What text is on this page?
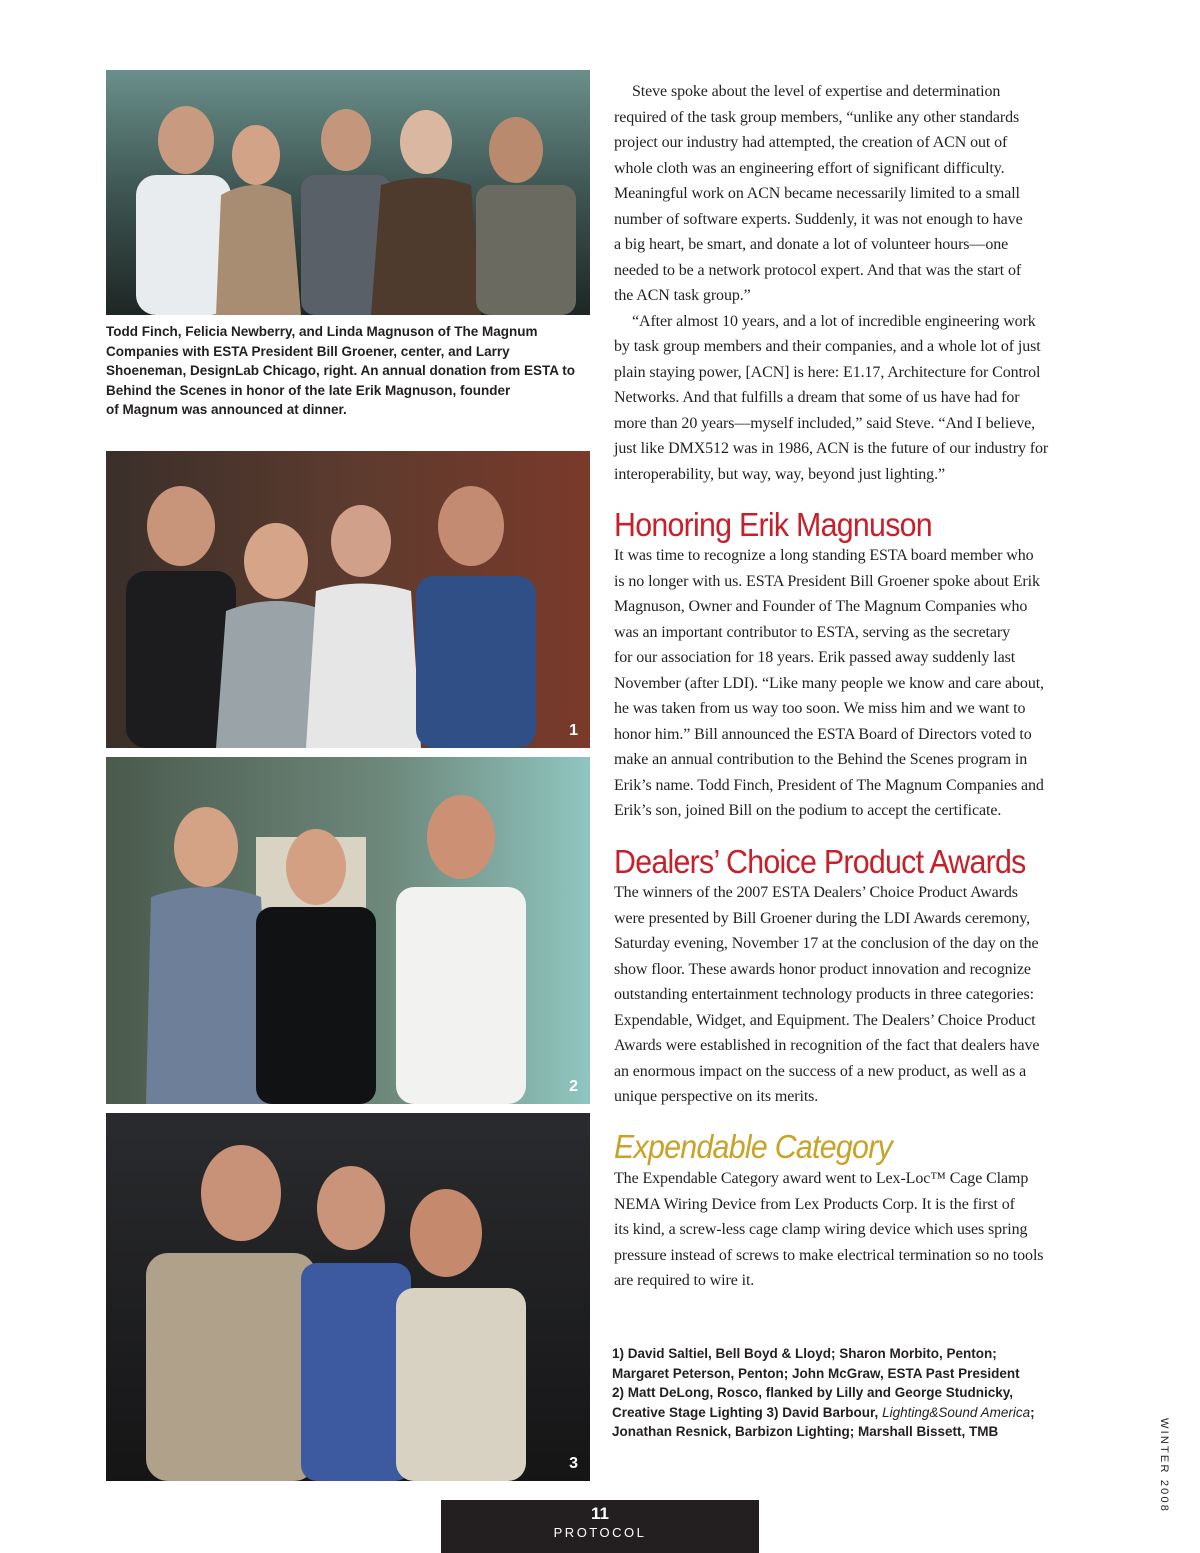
Todd Finch, Felicia Newberry, and Linda Magnuson of The Magnum
Companies with ESTA President Bill Groener, center, and Larry
Shoeneman, DesignLab Chicago, right. An annual donation from ESTA to
Behind the Scenes in honor of the late Erik Magnuson, founder
of Magnum was announced at dinner.
1
2
3

Steve spoke about the level of expertise and determination
required of the task group members, “unlike any other standards
project our industry had attempted, the creation of ACN out of
whole cloth was an engineering effort of significant difficulty.
Meaningful work on ACN became necessarily limited to a small
number of software experts. Suddenly, it was not enough to have
a big heart, be smart, and donate a lot of volunteer hours—one
needed to be a network protocol expert. And that was the start of
the ACN task group.”

“After almost 10 years, and a lot of incredible engineering work
by task group members and their companies, and a whole lot of just
plain staying power, [ACN] is here: E1.17, Architecture for Control
Networks. And that fulfills a dream that some of us have had for
more than 20 years—myself included,” said Steve. “And I believe,
just like DMX512 was in 1986, ACN is the future of our industry for
interoperability, but way, way, beyond just lighting.”

Honoring Erik Magnuson

It was time to recognize a long standing ESTA board member who
is no longer with us. ESTA President Bill Groener spoke about Erik
Magnuson, Owner and Founder of The Magnum Companies who
was an important contributor to ESTA, serving as the secretary
for our association for 18 years. Erik passed away suddenly last
November (after LDI). “Like many people we know and care about,
he was taken from us way too soon. We miss him and we want to
honor him.” Bill announced the ESTA Board of Directors voted to
make an annual contribution to the Behind the Scenes program in
Erik’s name. Todd Finch, President of The Magnum Companies and
Erik’s son, joined Bill on the podium to accept the certificate.

Dealers’ Choice Product Awards

The winners of the 2007 ESTA Dealers’ Choice Product Awards
were presented by Bill Groener during the LDI Awards ceremony,
Saturday evening, November 17 at the conclusion of the day on the
show floor. These awards honor product innovation and recognize
outstanding entertainment technology products in three categories:
Expendable, Widget, and Equipment. The Dealers’ Choice Product
Awards were established in recognition of the fact that dealers have
an enormous impact on the success of a new product, as well as a
unique perspective on its merits.

Expendable Category

The Expendable Category award went to Lex-Loc™ Cage Clamp
NEMA Wiring Device from Lex Products Corp. It is the first of
its kind, a screw-less cage clamp wiring device which uses spring
pressure instead of screws to make electrical termination so no tools
are required to wire it.

1) David Saltiel, Bell Boyd & Lloyd; Sharon Morbito, Penton;
Margaret Peterson, Penton; John McGraw, ESTA Past President
2) Matt DeLong, Rosco, flanked by Lilly and George Studnicky,
Creative Stage Lighting 3) David Barbour, Lighting&Sound America;
Jonathan Resnick, Barbizon Lighting; Marshall Bissett, TMB	WINTER 2008
11
PROTOCOL
